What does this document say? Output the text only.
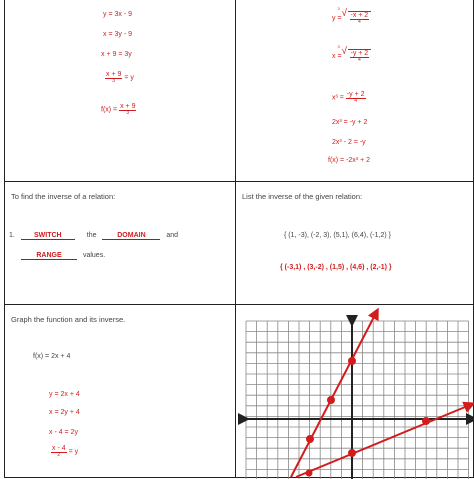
y = 3x - 9
x = 3y - 9
x + 9 = 3y
$\frac{x + 9}{3} = y$
$f(x) = \frac{x + 9}{3}$
y =
3 √ $\frac{-x + 2}{4}$
x =
3 √ $\frac{-y + 2}{4}$
$x^3 = \frac{-y + 2}{4}$
2x³ = -y + 2
2x³ - 2 = -y
f(x) = -2x³ + 2
To find the inverse of a relation:
1.	SWITCH	the	DOMAIN	and
RANGE	values.
List the inverse of the given relation:
{ (1, -3), (-2, 3), (5,1), (6,4), (-1,2) }
{ (-3,1) , (3,-2) , (1,5) , (4,6) , (2,-1) }
Graph the function and its inverse.
f(x) = 2x + 4
y = 2x + 4
x = 2y + 4
x - 4 = 2y
$\frac{x - 4}{2} = y$
